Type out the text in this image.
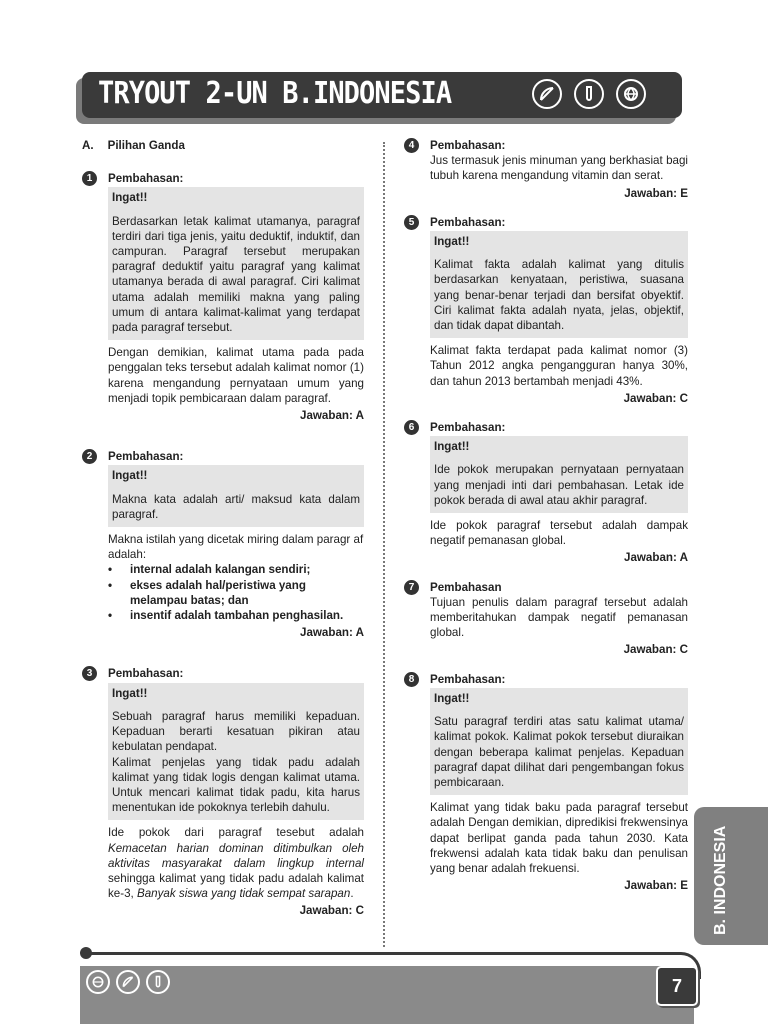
TRYOUT 2-UN B.INDONESIA
A. Pilihan Ganda
1	Pembahasan:
Ingat!!
Berdasarkan letak kalimat utamanya, paragraf terdiri dari tiga jenis, yaitu deduktif, induktif, dan campuran. Paragraf tersebut merupakan paragraf deduktif yaitu paragraf yang kalimat utamanya berada di awal paragraf. Ciri kalimat utama adalah memiliki makna yang paling umum di antara kalimat-kalimat yang terdapat pada paragraf tersebut.
Dengan demikian, kalimat utama pada pada penggalan teks tersebut adalah kalimat nomor (1) karena mengandung pernyataan umum yang menjadi topik pembicaraan dalam paragraf.
Jawaban: A
2	Pembahasan:
Ingat!!
Makna kata adalah arti/ maksud kata dalam paragraf.
Makna istilah yang dicetak miring dalam paragr af adalah:
• internal adalah kalangan sendiri;
• ekses adalah hal/peristiwa yang melampau batas; dan
• insentif adalah tambahan penghasilan.
Jawaban: A
3	Pembahasan:
Ingat!!
Sebuah paragraf harus memiliki kepaduan. Kepaduan berarti kesatuan pikiran atau kebulatan pendapat.
Kalimat penjelas yang tidak padu adalah kalimat yang tidak logis dengan kalimat utama. Untuk mencari kalimat tidak padu, kita harus menentukan ide pokoknya terlebih dahulu.
Ide pokok dari paragraf tesebut adalah Kemacetan harian dominan ditimbulkan oleh aktivitas masyarakat dalam lingkup internal sehingga kalimat yang tidak padu adalah kalimat ke-3, Banyak siswa yang tidak sempat sarapan.
Jawaban: C
4	Pembahasan:
Jus termasuk jenis minuman yang berkhasiat bagi tubuh karena mengandung vitamin dan serat.
Jawaban: E
5	Pembahasan:
Ingat!!
Kalimat fakta adalah kalimat yang ditulis berdasarkan kenyataan, peristiwa, suasana yang benar-benar terjadi dan bersifat obyektif. Ciri kalimat fakta adalah nyata, jelas, objektif, dan tidak dapat dibantah.
Kalimat fakta terdapat pada kalimat nomor (3) Tahun 2012 angka pengangguran hanya 30%, dan tahun 2013 bertambah menjadi 43%.
Jawaban: C
6	Pembahasan:
Ingat!!
Ide pokok merupakan pernyataan pernyataan yang menjadi inti dari pembahasan. Letak ide pokok berada di awal atau akhir paragraf.
Ide pokok paragraf tersebut adalah dampak negatif pemanasan global.
Jawaban: A
7	Pembahasan
Tujuan penulis dalam paragraf tersebut adalah memberitahukan dampak negatif pemanasan global.
Jawaban: C
8	Pembahasan:
Ingat!!
Satu paragraf terdiri atas satu kalimat utama/ kalimat pokok. Kalimat pokok tersebut diuraikan dengan beberapa kalimat penjelas. Kepaduan paragraf dapat dilihat dari pengembangan fokus pembicaraan.
Kalimat yang tidak baku pada paragraf tersebut adalah Dengan demikian, dipredikisi frekwensinya dapat berlipat ganda pada tahun 2030. Kata frekwensi adalah kata tidak baku dan penulisan yang benar adalah frekuensi.
Jawaban: E B. INDONESIA
7
